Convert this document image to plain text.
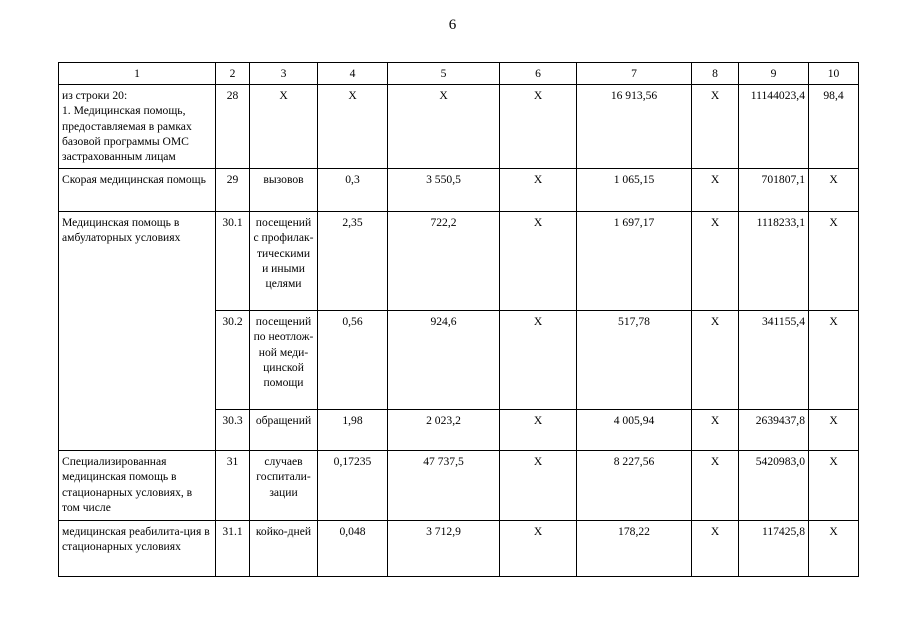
6
1	2	3	4	5	6	7	8	9	10
из строки 20:
1. Медицинская помощь, предоставляемая в рамках базовой программы ОМС застрахованным лицам	28	Х	Х	Х	Х	16 913,56	Х	11144023,4	98,4
Скорая медицинская помощь	29	вызовов	0,3	3 550,5	Х	1 065,15	Х	701807,1	Х
Медицинская помощь в амбулаторных условиях	30.1	посещений с профилак-тическими и иными целями	2,35	722,2	Х	1 697,17	Х	1118233,1	Х
	30.2	посещений по неотлож-ной меди-цинской помощи	0,56	924,6	Х	517,78	Х	341155,4	Х
	30.3	обращений	1,98	2 023,2	Х	4 005,94	Х	2639437,8	Х
Специализированная медицинская помощь в стационарных условиях, в том числе	31	случаев госпитали-зации	0,17235	47 737,5	Х	8 227,56	Х	5420983,0	Х
медицинская реабилита-ция в стационарных условиях	31.1	койко-дней	0,048	3 712,9	Х	178,22	Х	117425,8	Х
